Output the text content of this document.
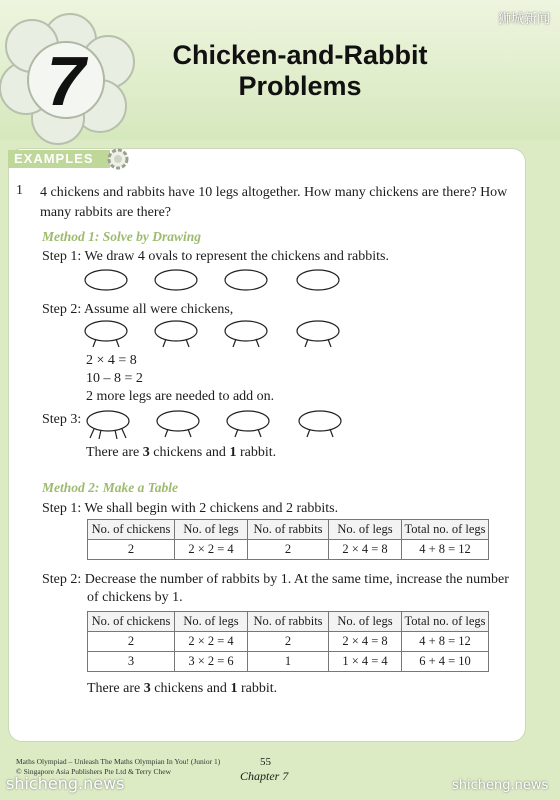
7
狮城新闻
Chicken-and-Rabbit
Problems
EXAMPLES
1 4 chickens and rabbits have 10 legs altogether. How many chickens are there? How many rabbits are there?
Method 1: Solve by Drawing
Step 1: We draw 4 ovals to represent the chickens and rabbits.
Step 2: Assume all were chickens,
2 × 4 = 8
10 – 8 = 2
2 more legs are needed to add on.
Step 3:
There are 3 chickens and 1 rabbit.
Method 2: Make a Table
Step 1: We shall begin with 2 chickens and 2 rabbits.
No. of chickens	No. of legs	No. of rabbits	No. of legs	Total no. of legs
2	2 × 2 = 4	2	2 × 4 = 8	4 + 8 = 12
Step 2: Decrease the number of rabbits by 1. At the same time, increase the number
of chickens by 1.
No. of chickens	No. of legs	No. of rabbits	No. of legs	Total no. of legs
2	2 × 2 = 4	2	2 × 4 = 8	4 + 8 = 12
3	3 × 2 = 6	1	1 × 4 = 4	6 + 4 = 10
There are 3 chickens and 1 rabbit.
Maths Olympiad – Unleash The Maths Olympian In You! (Junior 1)
© Singapore Asia Publishers Pte Ltd & Terry Chew
55
Chapter 7
shicheng.news	shicheng.news
